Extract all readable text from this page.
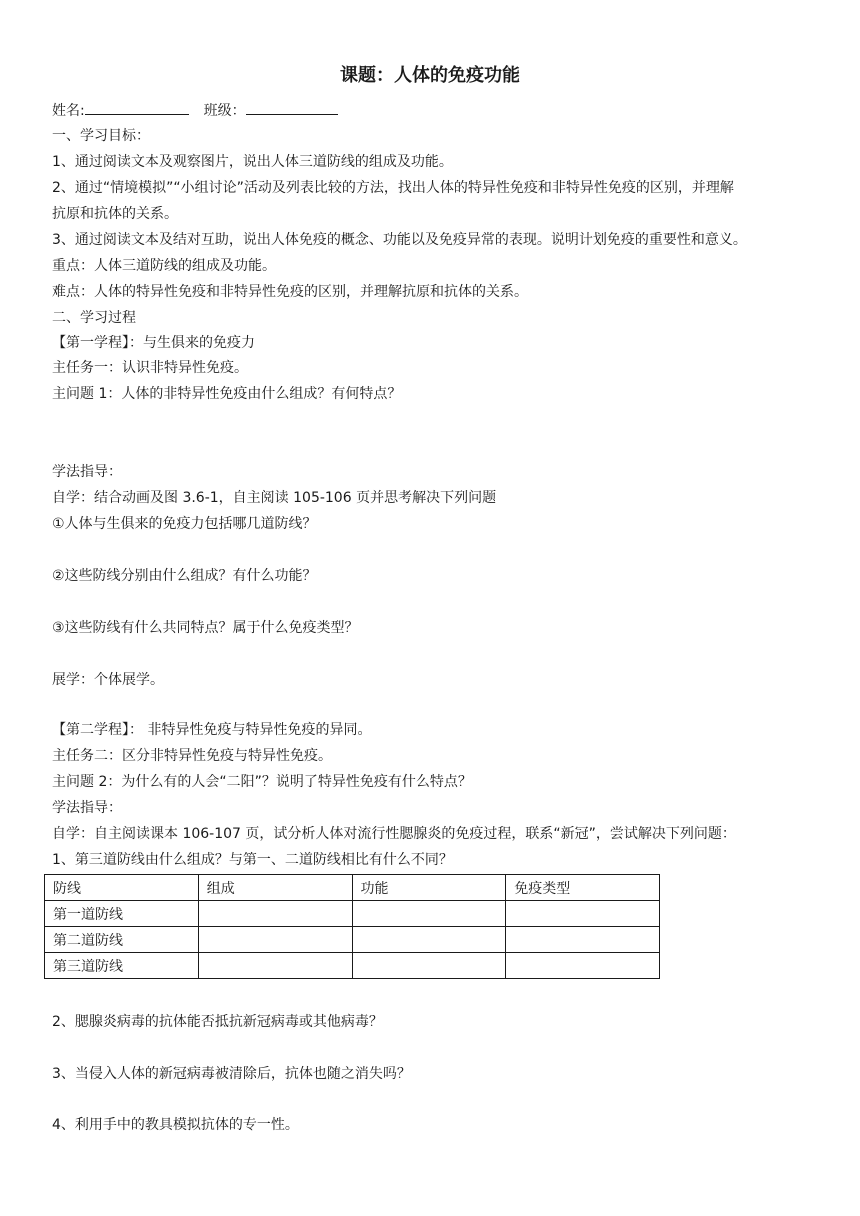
课题：人体的免疫功能
姓名:	班级：
一、学习目标：
1、通过阅读文本及观察图片，说出人体三道防线的组成及功能。
2、通过“情境模拟”“小组讨论”活动及列表比较的方法，找出人体的特异性免疫和非特异性免疫的区别，并理解
抗原和抗体的关系。
3、通过阅读文本及结对互助，说出人体免疫的概念、功能以及免疫异常的表现。说明计划免疫的重要性和意义。
重点：人体三道防线的组成及功能。
难点：人体的特异性免疫和非特异性免疫的区别，并理解抗原和抗体的关系。
二、学习过程
【第一学程】：与生俱来的免疫力
主任务一：认识非特异性免疫。
主问题 1：人体的非特异性免疫由什么组成？有何特点？
学法指导：
自学：结合动画及图 3.6-1，自主阅读 105-106 页并思考解决下列问题
①人体与生俱来的免疫力包括哪几道防线？
②这些防线分别由什么组成？有什么功能？
③这些防线有什么共同特点？属于什么免疫类型？
展学：个体展学。
【第二学程】： 非特异性免疫与特异性免疫的异同。
主任务二：区分非特异性免疫与特异性免疫。
主问题 2：为什么有的人会“二阳”？说明了特异性免疫有什么特点？
学法指导：
自学：自主阅读课本 106-107 页，试分析人体对流行性腮腺炎的免疫过程，联系“新冠”，尝试解决下列问题：
1、第三道防线由什么组成？与第一、二道防线相比有什么不同？
防线	组成	功能	免疫类型
第一道防线			
第二道防线			
第三道防线			
2、腮腺炎病毒的抗体能否抵抗新冠病毒或其他病毒？
3、当侵入人体的新冠病毒被清除后，抗体也随之消失吗？
4、利用手中的教具模拟抗体的专一性。
